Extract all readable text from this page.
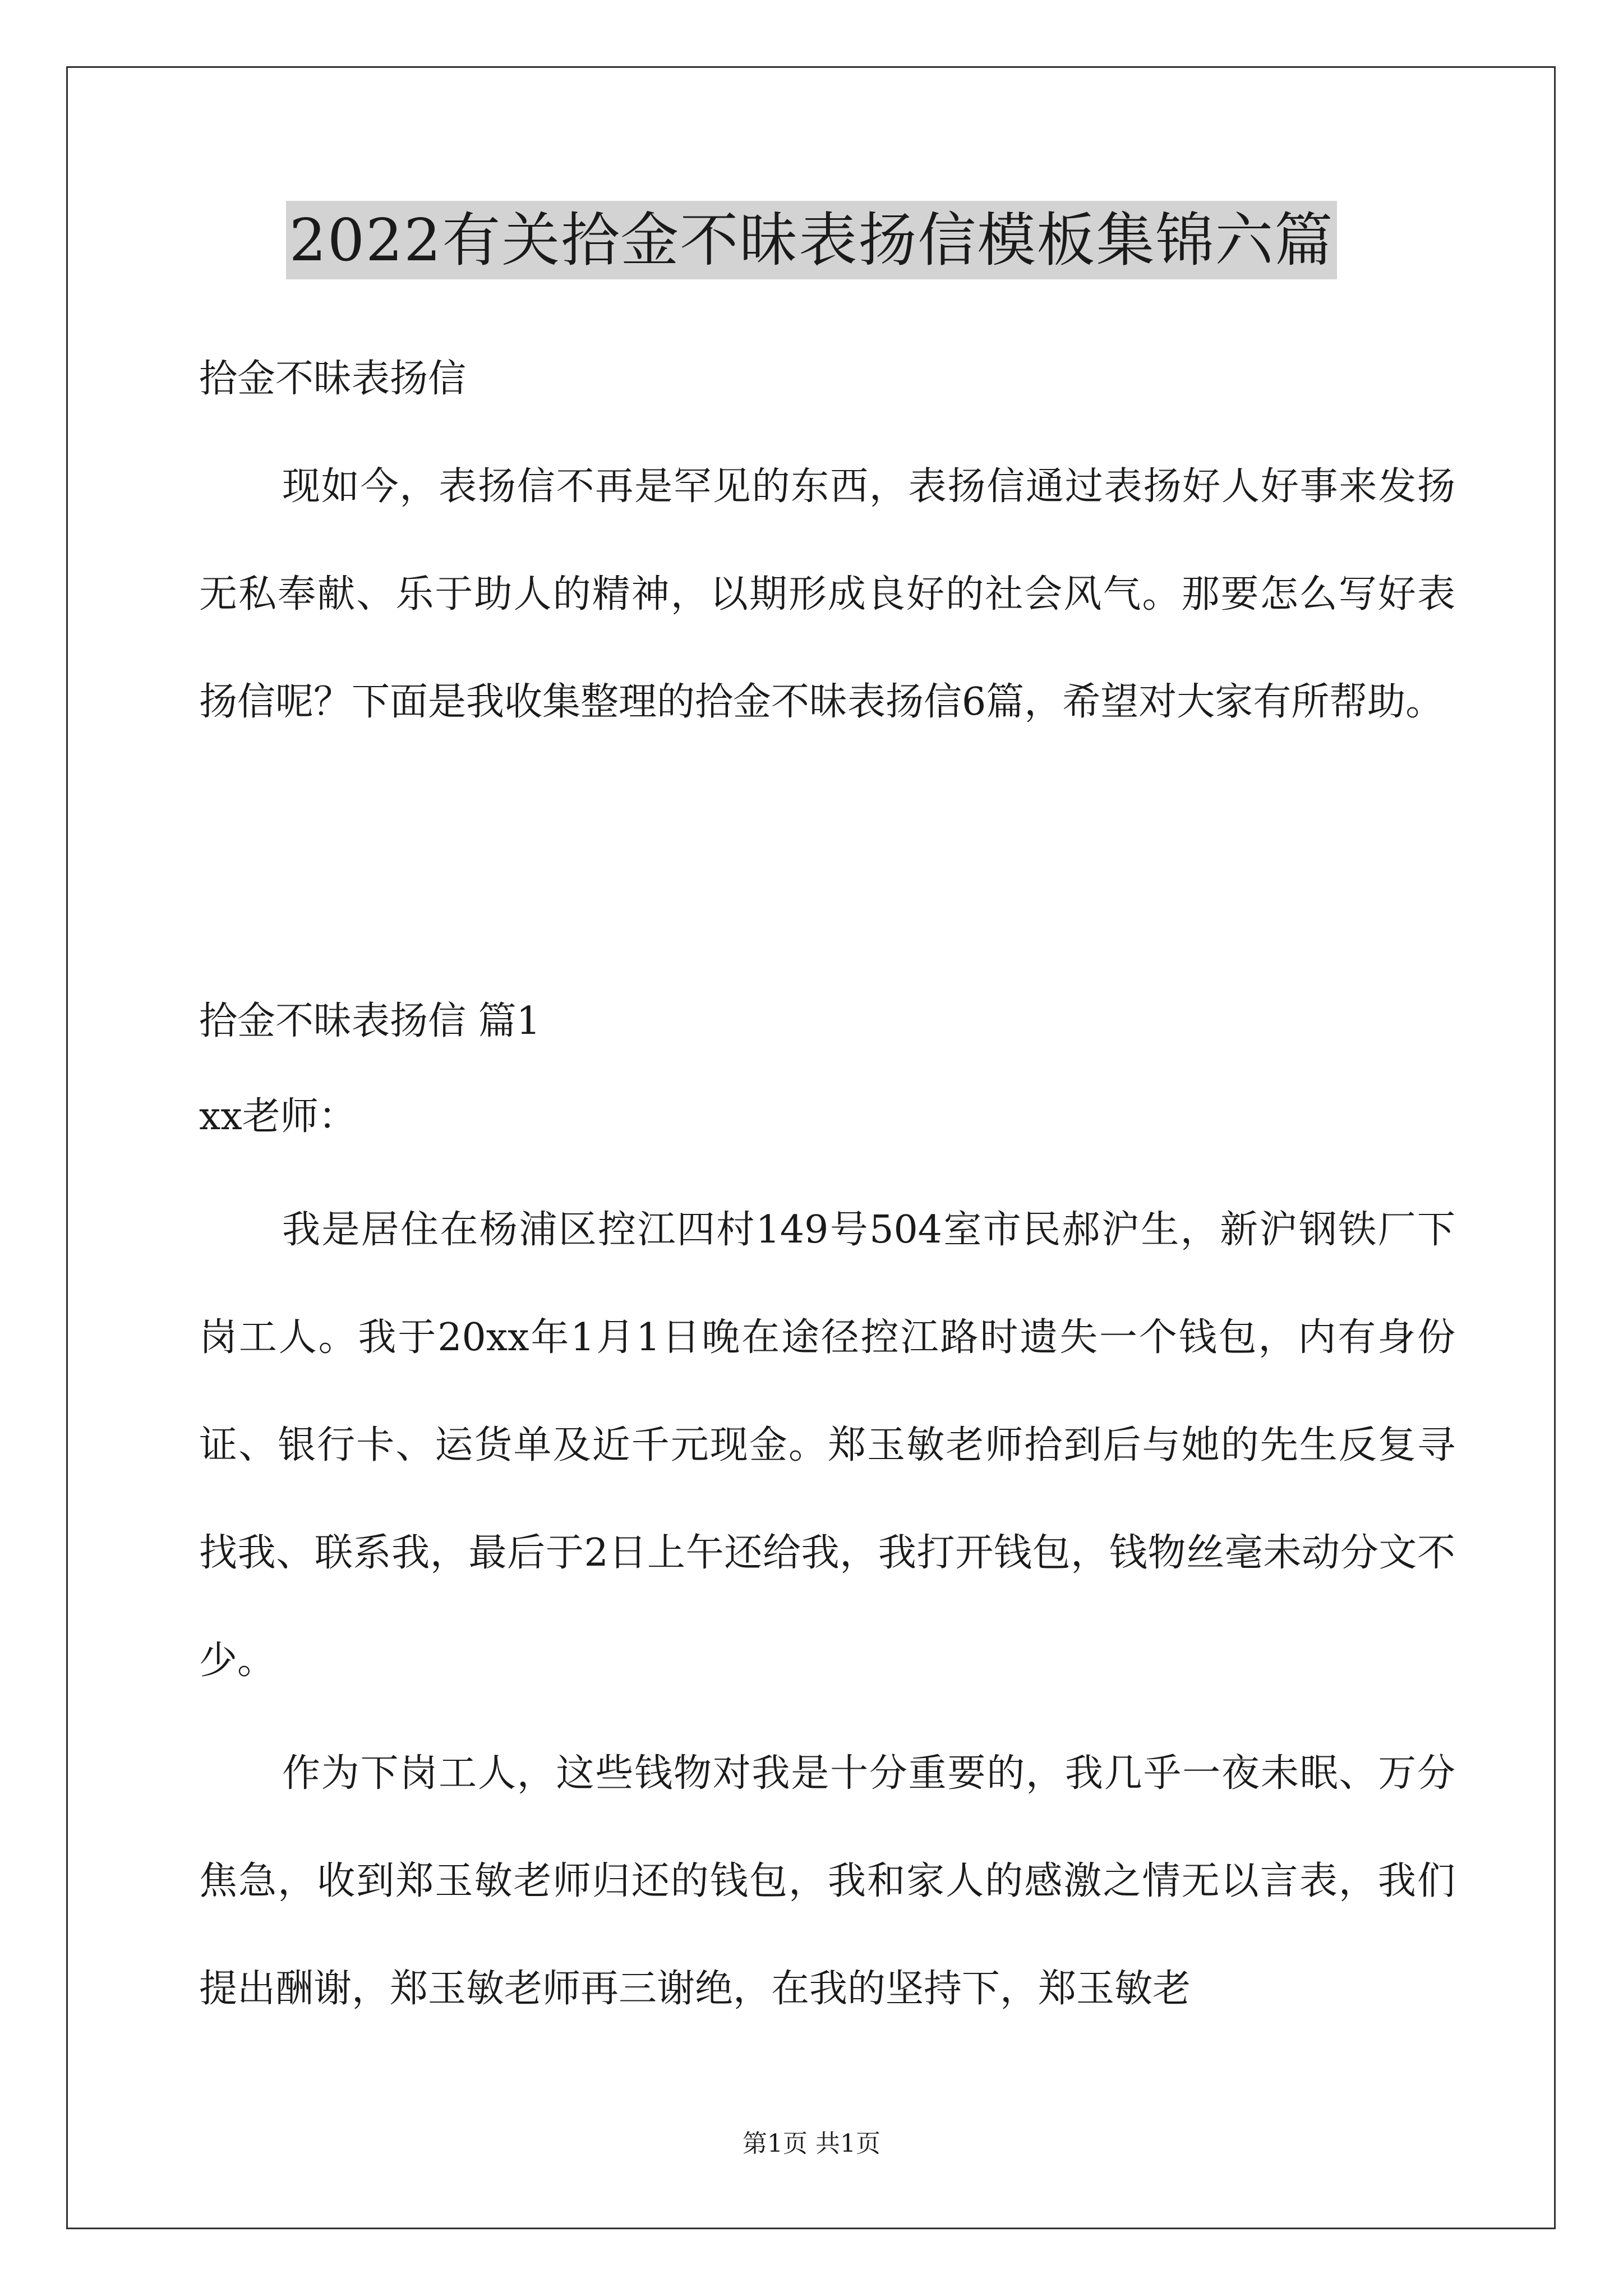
2022有关拾金不昧表扬信模板集锦六篇
拾金不昧表扬信
现如今，表扬信不再是罕见的东西，表扬信通过表扬好人好事来发扬无私奉献、乐于助人的精神，以期形成良好的社会风气。那要怎么写好表扬信呢？下面是我收集整理的拾金不昧表扬信6篇，希望对大家有所帮助。
拾金不昧表扬信 篇1
xx老师：
我是居住在杨浦区控江四村149号504室市民郝沪生，新沪钢铁厂下岗工人。我于20xx年1月1日晚在途径控江路时遗失一个钱包，内有身份证、银行卡、运货单及近千元现金。郑玉敏老师拾到后与她的先生反复寻找我、联系我，最后于2日上午还给我，我打开钱包，钱物丝毫未动分文不少。
作为下岗工人，这些钱物对我是十分重要的，我几乎一夜未眠、万分焦急，收到郑玉敏老师归还的钱包，我和家人的感激之情无以言表，我们提出酬谢，郑玉敏老师再三谢绝，在我的坚持下，郑玉敏老
第1页 共1页
